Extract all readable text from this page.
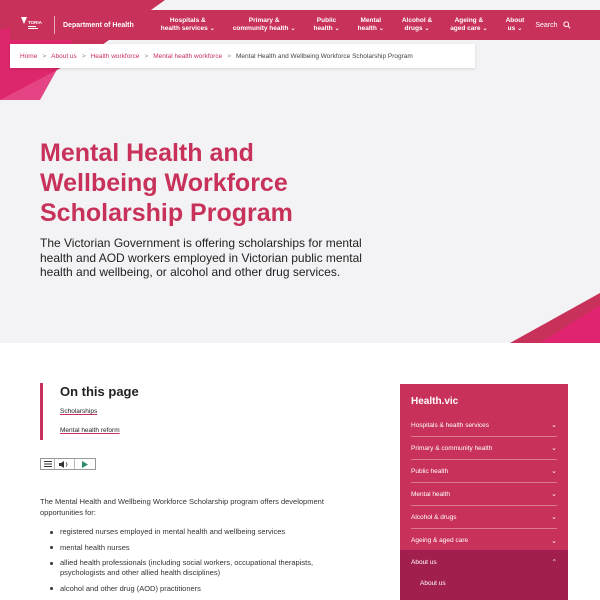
TORIA	Department of Health
Hospitals &
health services ⌄
Primary &
community health ⌄
Public
health ⌄
Mental
health ⌄
Alcohol &
drugs ⌄
Ageing &
aged care ⌄
About
us ⌄
Search
Home > About us > Health workforce > Mental health workforce > Mental Health and Wellbeing Workforce Scholarship Program
Mental Health and Wellbeing Workforce Scholarship Program

The Victorian Government is offering scholarships for mental health and AOD workers employed in Victorian public mental health and wellbeing, or alcohol and other drug services.

On this page
Scholarships
Mental health reform

The Mental Health and Wellbeing Workforce Scholarship program offers development opportunities for:

registered nurses employed in mental health and wellbeing services
mental health nurses
allied health professionals (including social workers, occupational therapists, psychologists and other allied health disciplines)
alcohol and other drug (AOD) practitioners
Health.vic
Hospitals & health services	⌄
Primary & community health	⌄
Public health	⌄
Mental health	⌄
Alcohol & drugs	⌄
Ageing & aged care	⌄
About us	⌃
About us
